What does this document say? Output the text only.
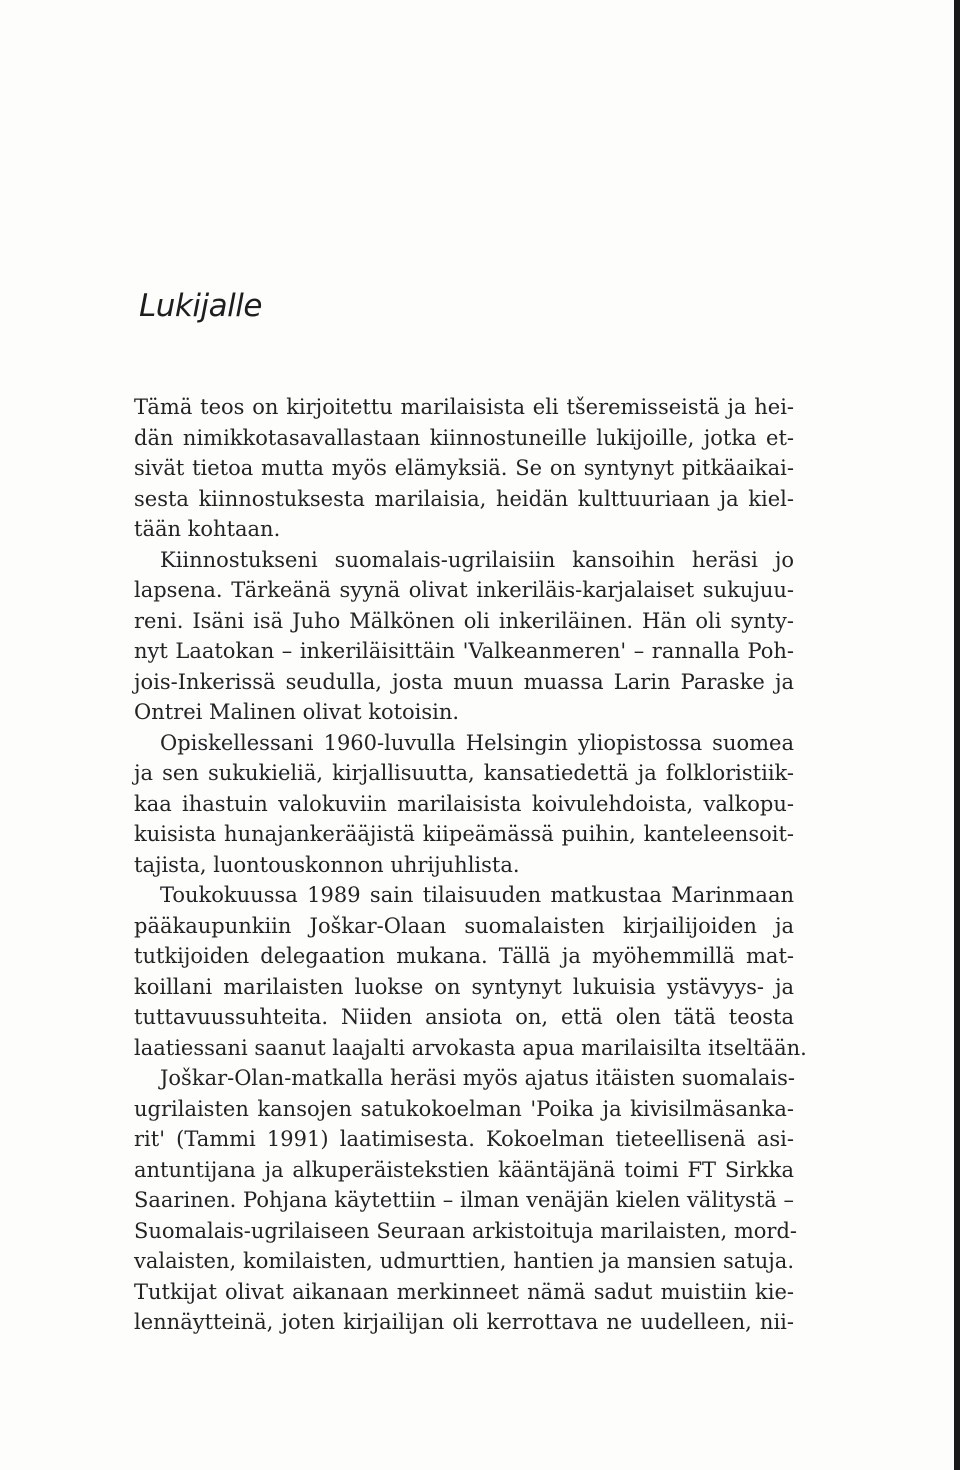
Lukijalle
Tämä teos on kirjoitettu marilaisista eli tšeremisseistä ja hei-
dän nimikkotasavallastaan kiinnostuneille lukijoille, jotka et-
sivät tietoa mutta myös elämyksiä. Se on syntynyt pitkäaikai-
sesta kiinnostuksesta marilaisia, heidän kulttuuriaan ja kiel-
tään kohtaan.
Kiinnostukseni suomalais-ugrilaisiin kansoihin heräsi jo
lapsena. Tärkeänä syynä olivat inkeriläis-karjalaiset sukujuu-
reni. Isäni isä Juho Mälkönen oli inkeriläinen. Hän oli synty-
nyt Laatokan – inkeriläisittäin 'Valkeanmeren' – rannalla Poh-
jois-Inkerissä seudulla, josta muun muassa Larin Paraske ja
Ontrei Malinen olivat kotoisin.
Opiskellessani 1960-luvulla Helsingin yliopistossa suomea
ja sen sukukieliä, kirjallisuutta, kansatiedettä ja folkloristiik-
kaa ihastuin valokuviin marilaisista koivulehdoista, valkopu-
kuisista hunajankerääjistä kiipeämässä puihin, kanteleensoit-
tajista, luontouskonnon uhrijuhlista.
Toukokuussa 1989 sain tilaisuuden matkustaa Marinmaan
pääkaupunkiin Joškar-Olaan suomalaisten kirjailijoiden ja
tutkijoiden delegaation mukana. Tällä ja myöhemmillä mat-
koillani marilaisten luokse on syntynyt lukuisia ystävyys- ja
tuttavuussuhteita. Niiden ansiota on, että olen tätä teosta
laatiessani saanut laajalti arvokasta apua marilaisilta itseltään.
Joškar-Olan-matkalla heräsi myös ajatus itäisten suomalais-
ugrilaisten kansojen satukokoelman 'Poika ja kivisilmäsanka-
rit' (Tammi 1991) laatimisesta. Kokoelman tieteellisenä asi-
antuntijana ja alkuperäistekstien kääntäjänä toimi FT Sirkka
Saarinen. Pohjana käytettiin – ilman venäjän kielen välitystä –
Suomalais-ugrilaiseen Seuraan arkistoituja marilaisten, mord-
valaisten, komilaisten, udmurttien, hantien ja mansien satuja.
Tutkijat olivat aikanaan merkinneet nämä sadut muistiin kie-
lennäytteinä, joten kirjailijan oli kerrottava ne uudelleen, nii-
